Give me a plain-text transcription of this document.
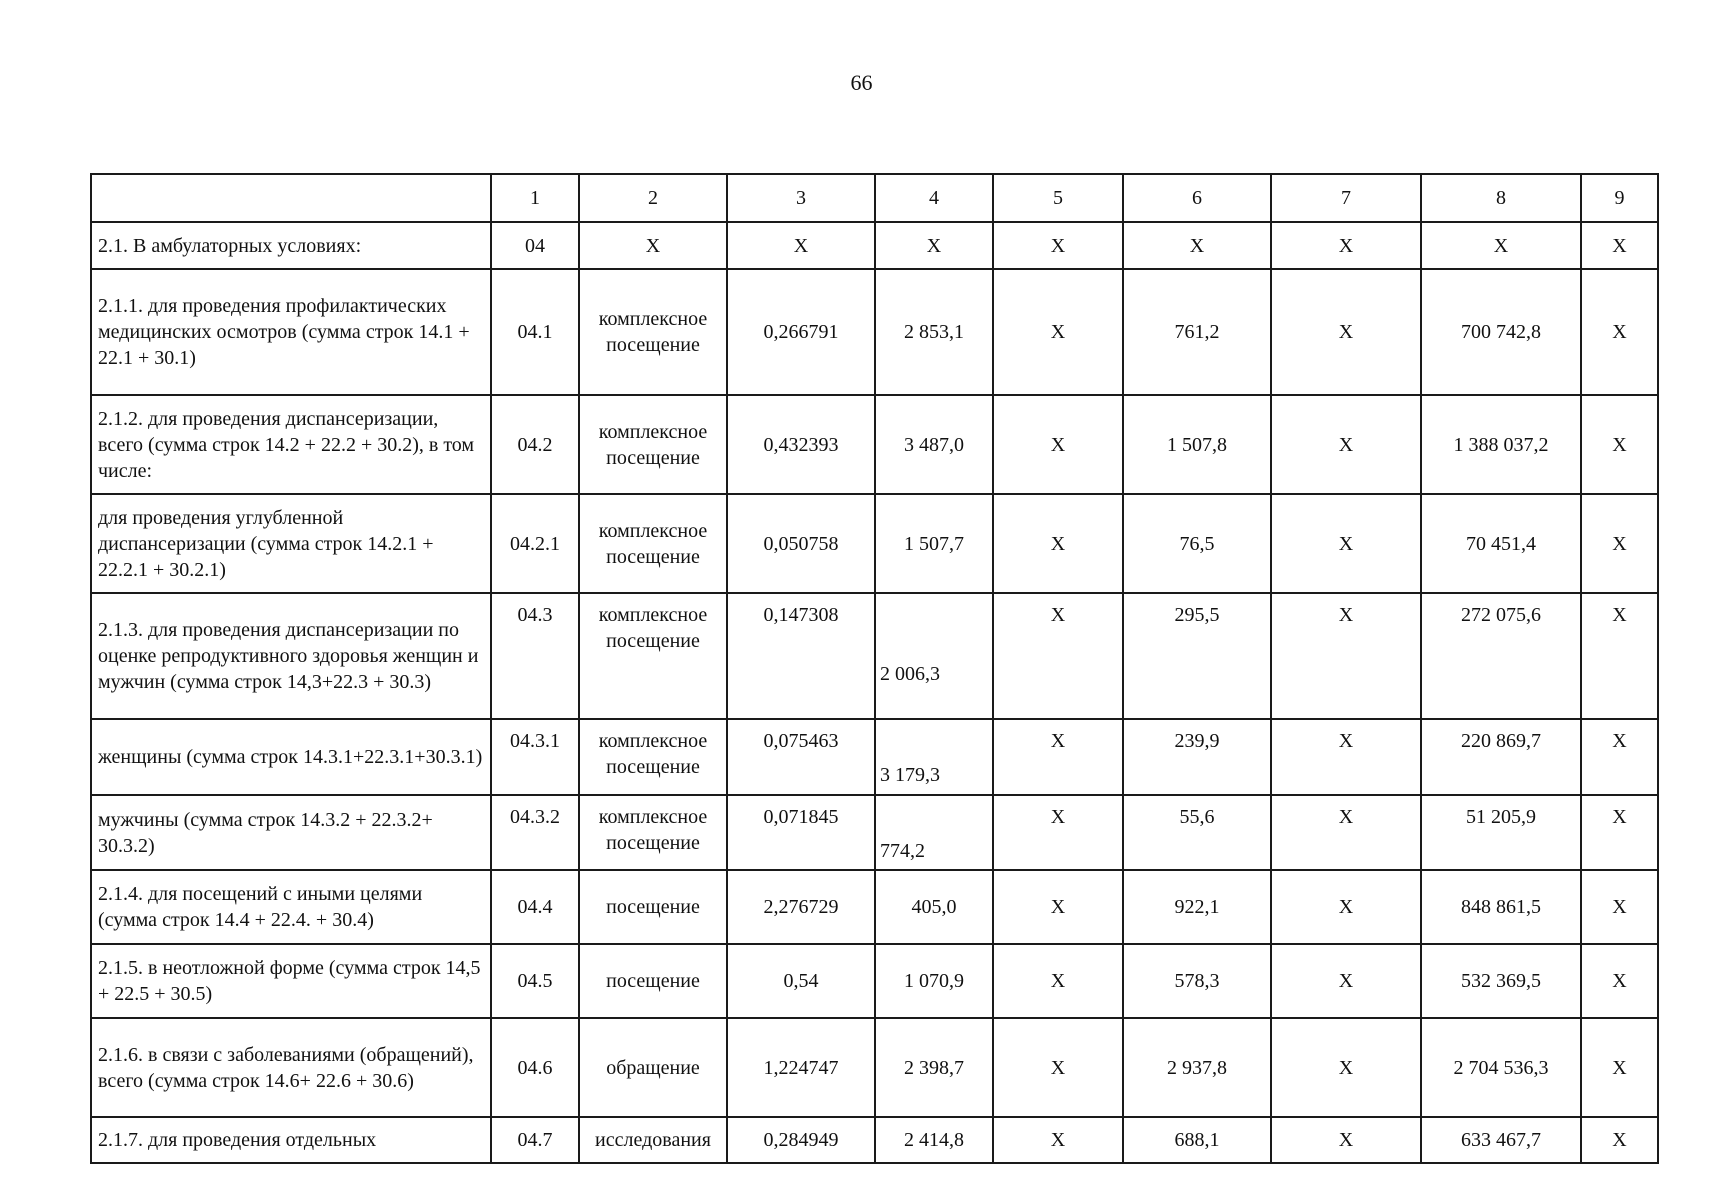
66
	1	2	3	4	5	6	7	8	9
2.1. В амбулаторных условиях:	04	X	X	X	X	X	X	X	X
2.1.1. для проведения профилактических медицинских осмотров (сумма строк 14.1 + 22.1 + 30.1)	04.1	комплексное посещение	0,266791	2 853,1	X	761,2	X	700 742,8	X
2.1.2. для проведения диспансеризации, всего (сумма строк 14.2 + 22.2 + 30.2), в том числе:	04.2	комплексное посещение	0,432393	3 487,0	X	1 507,8	X	1 388 037,2	X
для проведения углубленной диспансеризации (сумма строк 14.2.1 + 22.2.1 + 30.2.1)	04.2.1	комплексное посещение	0,050758	1 507,7	X	76,5	X	70 451,4	X
2.1.3. для проведения диспансеризации по оценке репродуктивного здоровья женщин и мужчин (сумма строк 14,3+22.3 + 30.3)	04.3	комплексное посещение	0,147308	2 006,3	X	295,5	X	272 075,6	X
женщины (сумма строк 14.3.1+22.3.1+30.3.1)	04.3.1	комплексное посещение	0,075463	3 179,3	X	239,9	X	220 869,7	X
мужчины (сумма строк 14.3.2 + 22.3.2+ 30.3.2)	04.3.2	комплексное посещение	0,071845	774,2	X	55,6	X	51 205,9	X
2.1.4. для посещений с иными целями (сумма строк 14.4 + 22.4. + 30.4)	04.4	посещение	2,276729	405,0	X	922,1	X	848 861,5	X
2.1.5. в неотложной форме (сумма строк 14,5 + 22.5 + 30.5)	04.5	посещение	0,54	1 070,9	X	578,3	X	532 369,5	X
2.1.6. в связи с заболеваниями (обращений), всего (сумма строк 14.6+ 22.6 + 30.6)	04.6	обращение	1,224747	2 398,7	X	2 937,8	X	2 704 536,3	X
2.1.7. для проведения отдельных	04.7	исследования	0,284949	2 414,8	X	688,1	X	633 467,7	X
